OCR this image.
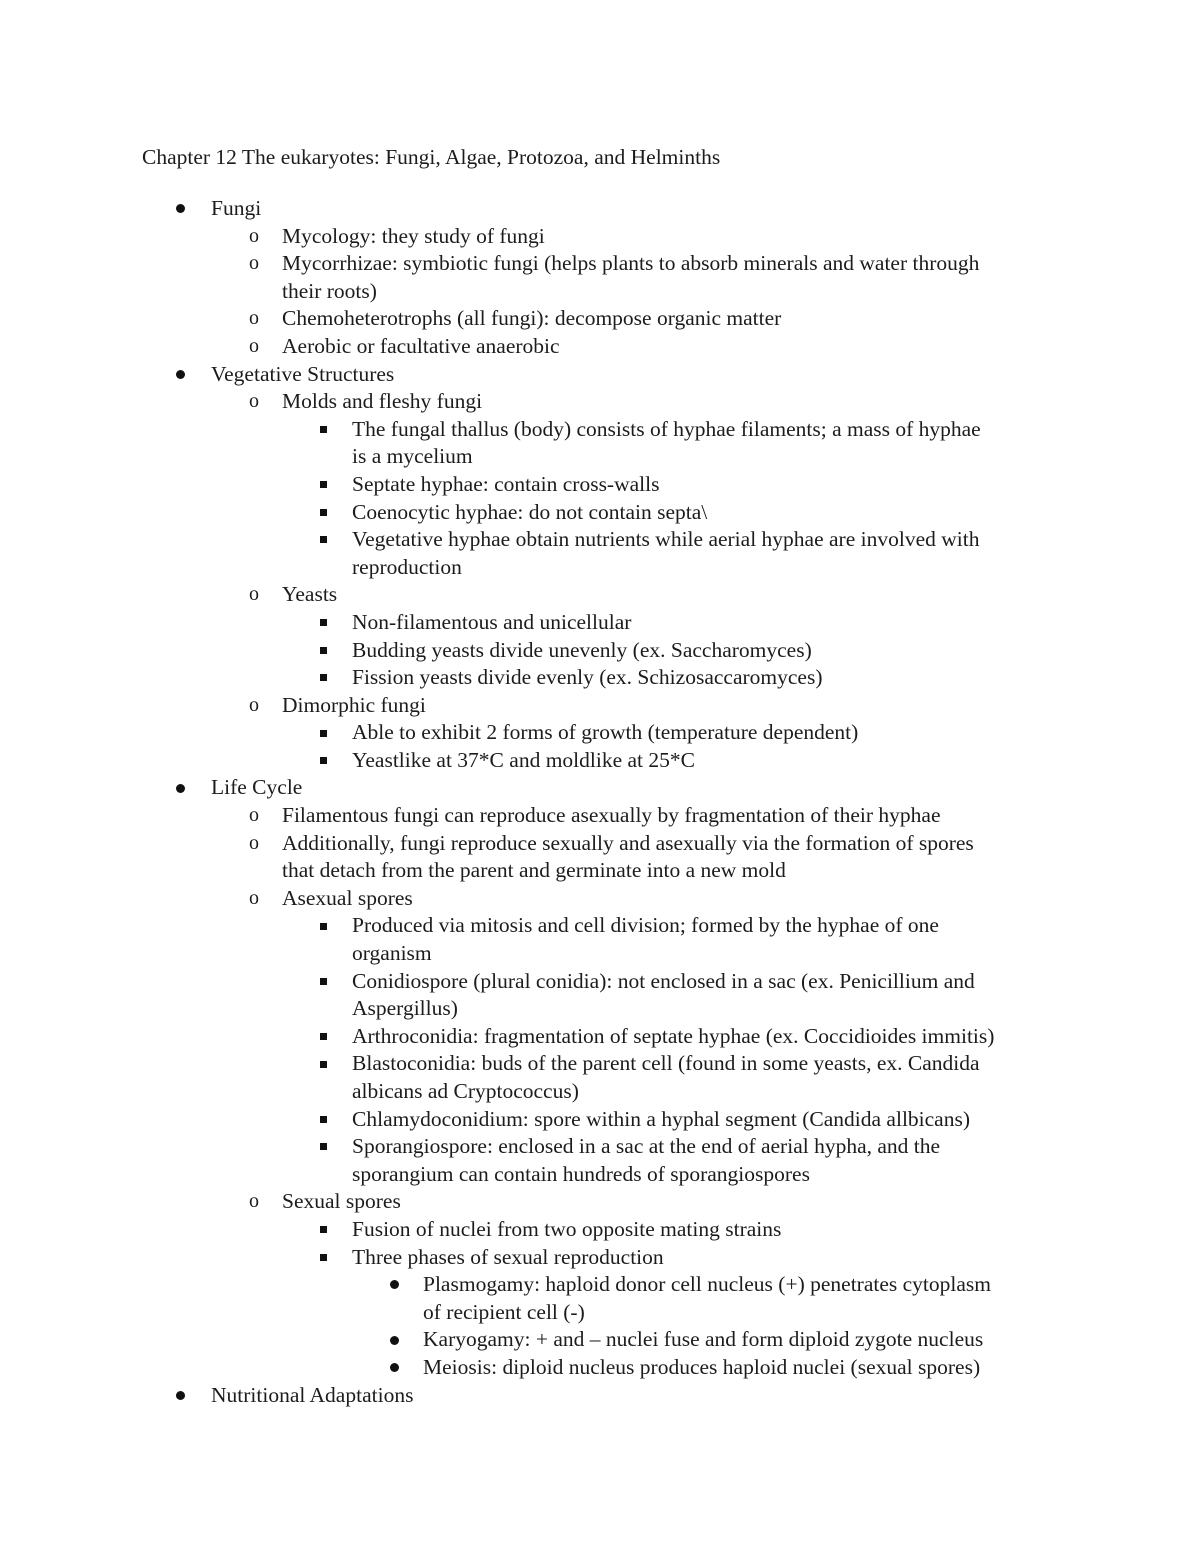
Chapter 12 The eukaryotes: Fungi, Algae, Protozoa, and Helminths
Fungi
o Mycology: they study of fungi
o Mycorrhizae: symbiotic fungi (helps plants to absorb minerals and water through
their roots)
o Chemoheterotrophs (all fungi): decompose organic matter
o Aerobic or facultative anaerobic
Vegetative Structures
o Molds and fleshy fungi
The fungal thallus (body) consists of hyphae filaments; a mass of hyphae
is a mycelium
Septate hyphae: contain cross-walls
Coenocytic hyphae: do not contain septa\
Vegetative hyphae obtain nutrients while aerial hyphae are involved with
reproduction
o Yeasts
Non-filamentous and unicellular
Budding yeasts divide unevenly (ex. Saccharomyces)
Fission yeasts divide evenly (ex. Schizosaccaromyces)
o Dimorphic fungi
Able to exhibit 2 forms of growth (temperature dependent)
Yeastlike at 37*C and moldlike at 25*C
Life Cycle
o Filamentous fungi can reproduce asexually by fragmentation of their hyphae
o Additionally, fungi reproduce sexually and asexually via the formation of spores
that detach from the parent and germinate into a new mold
o Asexual spores
Produced via mitosis and cell division; formed by the hyphae of one
organism
Conidiospore (plural conidia): not enclosed in a sac (ex. Penicillium and
Aspergillus)
Arthroconidia: fragmentation of septate hyphae (ex. Coccidioides immitis)
Blastoconidia: buds of the parent cell (found in some yeasts, ex. Candida
albicans ad Cryptococcus)
Chlamydoconidium: spore within a hyphal segment (Candida allbicans)
Sporangiospore: enclosed in a sac at the end of aerial hypha, and the
sporangium can contain hundreds of sporangiospores
o Sexual spores
Fusion of nuclei from two opposite mating strains
Three phases of sexual reproduction
Plasmogamy: haploid donor cell nucleus (+) penetrates cytoplasm
of recipient cell (-)
Karyogamy: + and – nuclei fuse and form diploid zygote nucleus
Meiosis: diploid nucleus produces haploid nuclei (sexual spores)
Nutritional Adaptations
